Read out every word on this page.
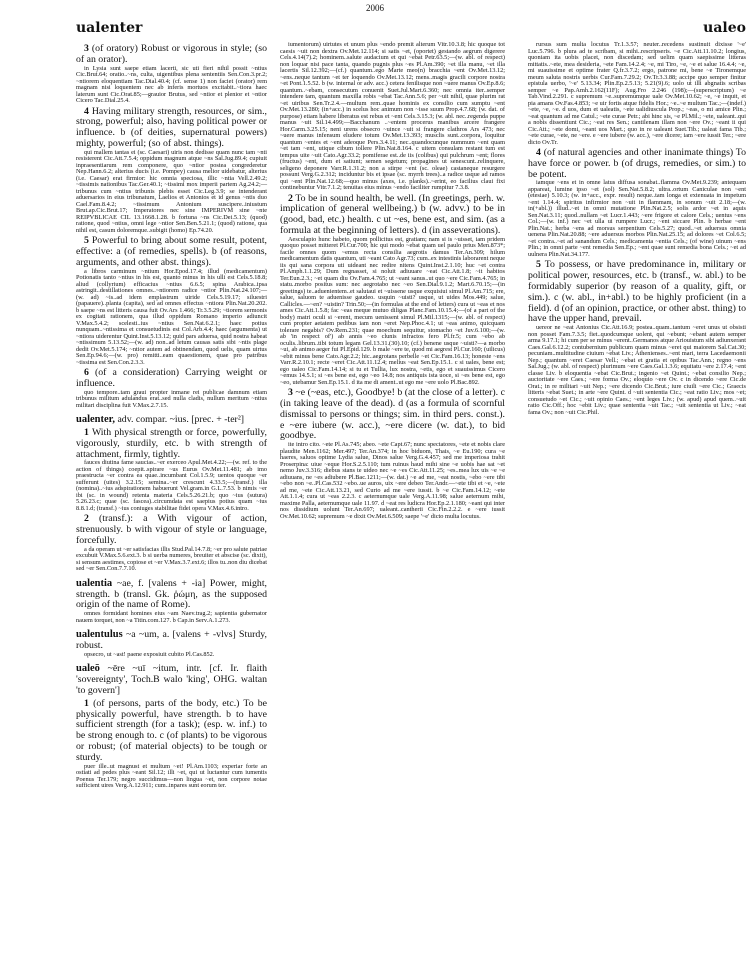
ualenter
2006
ualeo
3 (of oratory) Robust or vigorous in style; (so of an orator).
in Lysia sunt saepe etiam lacerti, sic uti fieri nihil possit ~ntius Cic.Brut.64; oratio..~ns, culta, uigentibus plena sententiis Sen.Con.3.pr.2; ~ntiorem eloquentiam Tac.Dial.40.4; (cf. sense 1) non faciet (orator) rem magnam nisi loquentem nec ab inferis mortuos excitabit..~tiora haec laterum sunt Cic.Orat.85;—grauior Brutus, sed ~ntior et plenior et ~ntior Cicero Tac.Dial.25.4.
4 Having military strength, resources, or sim., strong, powerful; also, having political power or influence. b (of deities, supernatural powers) mighty, powerful; (so of abst. things).
qui mallem tantas ei (sc. Caesari) uiris non dedisse quam nunc tam ~nti resisterent Cic.Att.7.5.4; oppidum magnum atque ~ns Sal.Jug.89.4; cupiuit inpraesentiarum rem componere, quo ~ntior postea congrederetur Nep.Hann.6.2; alterius ducis (i.e. Pompey) causa melior uidebatur, alterius (i.e. Caesar) erat firmior: hic omnia speciosa, illic ~ntia Vell.2.49.2; ~tissimis nationibus Tac.Ger.40.1; ~tissimi mox imperii partem Ag.24.2;—tribunus cum ~ntius tribunis plebis esset Cic.Leg.3.9; se intenderant aduersarios in eius tribunatum, Laelios et Antonios et id genus ~ntis duo Cael.Fam.8.4.2; ~tissimum Antonium suscipere..iniustum Brut.ap.Cic.Brut.17; Imperatores nec sine IMPERIVM sine ~nte REIPVBLICAE CIL 13.1668.1.28. b fortuna ~ns Cic.Dei.5.13; (quod) ratione, quod ~ntius, omni lege ~ntior Sen.Ben.5.21.1; (quod) ratione, qua nihil est, casum doloremque..subigit (homo) Ep.74.20.
5 Powerful to bring about some result, potent, effective: a (of remedies, spells). b (of reasons, arguments, and other abst. things).
a libros carminum ~ntium Hor.Epod.17.4; illud (medicamentum) Potionatis tanto ~ntius in his est, quanto minus in his ulli est Cels.5.18.8; aliud (collyrium) efficacius ~ntius 6.6.5; spina Arabica..ipsa astringit..destillationes omnes..~ntiorem radice ~ntior Plin.Nat.24.107;—(w. ad) ~is..ad idem emplastrum uiride Cels.5.19.17; siluestri (papauere)..planta (capita), sed ad omnes effectus ~ntiora Plin.Nat.20.202. b saepe ~ns est litteris causa fuit Ov.Ars 1.466; Tr.3.5.29; ~tiorem sermonis ex cogitati rationem, qua illud oppidum Romano imperio adiuncit V.Max.5.4.2; scelesti..ius ~ntius Sen.Nat.6.2.1; haec potius nunquam..~ntissima et consuetudinis est Col.Arb.4.4; haec (argumenta) ut ~ntiora uiderentur Quint.Inst.5.13.12; quid pars aduersa, quid nostra habeat ~ntissimum 5.13.52;—(w. ad) non..ad letum causas satis sibi ~ntis plage dedit Ov.Met.5.174; ~ntior autem ad obtinendam, quod uelis, quam uirtus Sen.Ep.94.6;—(w. pro) remitti..eam quaestionem, quae pro patribus ~tissima est Sen.Con.2.3.3.
6 (of a consideration) Carrying weight or influence.
quo tempore..tam graui propter inmane rei publicae damnum etiam tribunus militum adulandus erat..sed nulla cladis, nullum meritum ~ntius militari disciplina fuit V.Max.2.7.15.
ualenter, adv. compar. ~ius. [prec. + -ter²]
1 With physical strength or force, powerfully, vigorously, sturdily, etc. b with strength of attachment, firmly, tightly.
fauces diutina fame saucias..~er exerceo Apul.Met.4.22;—(w. ref. to the action of things) coepit..spirare ~us Eurus Ov.Met.11.481; ab imo praestructa ~er contra ea quae..incumbant Col.1.5.9; uentos quoque ~er sufferunt (uites) 3.2.15; semina..~er crescunt 4.33.5;—(transf.) illa (nomina)..~ius adspirationem habuerunt Vel.gram.in G.L.7.53. b nimis ~er ibi (sc. in wound) retenta materia Cels.5.26.21.b; quo ~ius (sutura) 5.26.23.c; quae (sc. fascea)..circumdata est saepius potius quam ~ius 8.8.1.d; (transf.) ~ius coniuges stabilitae fidei opera V.Max.4.6.intro.
2 (transf.): a With vigour of action, strenuously. b with vigour of style or language, forcefully.
a da operam ut ~er satisfacias illis Stud.Pal.14.7.8; ~er pro salute patriae excubuit V.Max.5.6.ext.3. b si uerba numeres, breuiter et abscise (sc. dixit), si sensum aestimes, copiose et ~er V.Max.3.7.ext.6; illos tu..non diu dicebat sed ~er Sen.Con.7.7.10.
ualentia ~ae, f. [valens + -ia] Power, might, strength. b (transl. Gk. ῥώμη, as the supposed origin of the name of Rome).
omnes formidant homines eius ~am Naev.trag.2; sapientia gubernator nauem torquet, non ~a Titin.com.127. b Cap.in Serv.A.1.273.
ualentulus ~a ~um, a. [valens + -vlvs] Sturdy, robust.
opsecro, ut ~ast! paene exposiuit cubito Pl.Cas.852.
ualeō ~ēre ~uī ~itum, intr. [cf. Ir. flaith 'sovereignty', Toch.B walo 'king', OHG. waltan 'to govern']
1 (of persons, parts of the body, etc.) To be physically powerful, have strength. b to have sufficient strength (for a task); (esp. w. inf.) to be strong enough to. c (of plants) to be vigorous or robust; (of material objects) to be tough or sturdy.
puer ille..ut magnust et multum ~et! Pl.Am.1103; experiar forte an ostiati ad pedes plus ~eant Sil.12; illi ~et, qui ut luctantur cum iumentis Poenus Ter.179; negro succidimus—non lingua ~et, non corpore notae sufficient uires Verg.A.12.911; cum..inpares sunt eorum ter.
iumentorum) uirtutes et unum plus ~endo premit alterum Vitr.10.3.8; hic quoque tot caesis ~uit non dextra Ov.Met.12.114; si satis ~et, (oportet) gestando aegrum digerere Cels.4.14(7).2; hominem..salute audacium et qui ~ebat Petr.63.5;—(w. abl. of respect) non loquar nisi pace tanta, quando pugnis plus ~es Pl.Am.390; ~et illa manu, ~et illa lacertis Sil.12.392;—(cf.) quantum..ego Marte meo(n) bracchia ~ent Ov.Met.13.12; ~ens..neque tantum ~et ter loquendo Ov.Met.13.12; mens..magis gracili corpore nostra ~et Pont.1.5.52. b (w. internal or adv. acc.) cetera fenilisque non ~uere manus Ov.Ep.8.6; quantum..~ebam, consecutum conuenit Suet.Jul.Mart.6.360; nec omnia iter..semper intendere tam, quantum maxilla robis ~ebat Tac.Ann.5.6; per ~uit nihil, quae plurim rat ~et uiribus Sen.Tr.2.4.—multum rem..quae hominis ex consilio cum sumptu ~ent Ov.Met.13.280; (in+acc.) in scelus hoc animum non ~isse suum Prop.4.7.68; (w. dat. of purpose) etiam habere liberatus est rebus et ~ent Cels.3.15.3; (w. abl. nec..regenda puppe manus ~uit Sil.14.499;—Bacchanum ..~entem procerus manibus arcere frangere Hor.Carm.3.25.15; neni urens obsecro ~uince ~uit si frangere clathros Ars 473; nec ~uere manus infensum eludere totum Ov.Met.13.393; musclis sunt..corpora, loquitur quantum ~entes et ~ent adeoque Pers.3.4.11; nec..quandocunque nummum ~ent quam ~et tam ~ent, utique cibum tollere Plin.Nat.8.164. c uitem consulam restant tum est tempus uite ~uit Cato.Agr.33.2; pomiferae est..de iis (colibus) qui pulchrum ~ent; flores (fructus) ~ent, dum et satiunt; semen segetum; propagines ut senescunt..relinquere, seligeno deponere Varr.R.1.31.2; non a stirpe ~ent (sc. oleae) castaneque resurgere possunt Verg.G.2.312; inciduntur bis et ipsae (sc. myrrh trees)..a radice usque ad ramos qui ~ent Plin.Nat.12.68;—quo minus (axes, i.e. planks)..~erint, eo facilius claui fixi continebuntur Vitr.7.1.2; tenuitas eius minus ~endo faciliter rumpitur 7.3.8.
2 To be in sound health, be well. (In greetings, perh. w. implication of general wellbeing.) b (w. advv.) to be in (good, bad, etc.) health. c ut ~es, bene est, and sim. (as a formula at the beginning of letters). d (in asseverations).
Aesculapio hunc habeto, quom pollicitus est, gratiam; nam si is ~uisset, iam pridem quoquo posset mitteret Pl.Cur.700; hic qui modo ~ebat quam uel paulo prius Men.873*; facile omnes quom ~emus recta consilia aegrotis damus Ter.An.309; hilum medicamentum datis quantum, uti ~eant Cato Agr.73; cum..ex intestinis laborarent neque iis qui sana corpora uti uideant nec redire nitens Quint.Inst.2.1.10; huc ~et contra Pl.Amph.1.1.29; Dum regnasset, si noluit adiuuare ~eat Cic.Att.1.8; ~it habitos Ter.Eun.2.3.; ~et quam diu Ov.Fam.4.765; ut ~eant sanus..ut quo ~ere Cic.Fam.4.765; in statu..morbo positus sum: nec aegrotabo nec ~eo Sen.Dial.9.1.2; Mart.6.70.15;—(in greetings) te..aduenientem..et salutaui et ~uissene usque exquisiui simul Pl.Am.715; ere, salue, saluom te aduenisse gaudeo. usquin ~uisti? usque, ut uides Mos.449; salue, Callicles.—~en? ~uistin? Trin.50;—(in formulas at the end of letters) cura ut ~eas et nos ames Cic.Att.1.5.8; fac ~eas meque mutuo diligas Planc.Fam.10.15.4;—(of a part of the body) matri oculi si ~erent, mecum uenissent simul Pl.Mil.1315;—(w. abl. of respect) cum propter aetatem pedibus iam non ~eret Nep.Phoc.4.1; ut ~eas animo, quicquam tolerare negabis? Ov.Rem.231; quae moechum sequitur, stomacho ~et Juv.6.100;—(w. ab 'in respect of') ab annis ~eo clunis infractos fero Pl.fr.5; cum ~ebo ab oculis..librum..tibi totum legam Gel.13.31.(30).10; (cf.) benene usque ~uisti?—a morbo ~ui, ab animo aeger fui Pl.Epid.129. b male ~ere te, quod mi aegrest Pl.Cur.160; (uilicus) ~ebit minus bene Cato.Agr.2.2; hic..aegrotans perbelle ~et Cic.Fam.16.13; honeste ~ens Varr.R.2.10.1; recte ~eret Cic.Att.11.12.4; melius ~eat Sen.Ep.15.1. c si uales, bene est; ego ualeo Cic.Fam.14.14; si tu et Tullia, lux nostra, ~etis, ego et suauissimus Cicero ~emus 14.5.1; si ~es bene est, ego ~eo 14.8; nos antiquis ista uoce, si ~es bene est, ego ~eo, utebamur Sen.Ep.15.1. d ita me di ament..ut ego me ~ere uolo Pl.Bac.892.
3 ~e (~eas, etc.), Goodbye! b (at the close of a letter). c (in taking leave of the dead). d (as a formula of scornful dismissal to persons or things; sim. in third pers. const.). e ~ere iubere (w. acc.), ~ere dicere (w. dat.), to bid goodbye.
ite intro cito. ~ete Pl.As.745; abeo. ~ete Capt.67; nunc spectatores, ~ete et nobis clare plaudite Men.1162; Mer.497; Ter.An.374; in hoc biduom, Thais, ~e Eu.190; cura ~e haeres, saluos optime Lydia salue, Dinos salue Verg.G.4.457; sed me imperiosa trahit Proserpina: uiue ~eque Hor.S.2.5.110; tum ruinus haud mihi sine ~e uobis hae sat ~et nemo Juv.3.316; diebus stans te uideo nec ~e ~es Cic.Att.11.25; ~es..mea lux uis ~e ~e adiuuans, ne ~es adiubere Pl.Bac.1211;—(w. dat.) ~e ad me, ~eat nostis, ~ebo ~ere tibi ~ebo non ~e..Pl.Cas.532 ~ebo..ue auros, uix ~ere debeo Ter.Andr.—~ete tibi et ~e, ~ete ad me, ~ete Cic.Att.13.21, sed Curio ad me ~ere iussit. b ~e Cic.Fam.14.12; ~ete Att.1.1.4; cura ut ~eas 2.2.3. c aeternumque uale Verg.A.11.98; salue aeternum mihi, maxime Palla, aeternumque uale 11.97. d ~eat res ludicra Hor.Ep.2.1.180; ~eant qui inter nos dissidium uolunt Ter.An.697; ualeant..cantherii Cic.Fin.2.2.2. e ~ere iussit Ov.Met.10.62; supremum ~e dixit Ov.Met.6.509; saepe '~e' dicto multa locutus.
rursus sum multa locutus Tr.1.3.57; neuter..recedens sustinuit dixisse '~e' Luc.5.796. b plura ad te scribam, si mihi..rescripseris. ~e Cic.Att.11.10.2; longius, quoniam ita uobis placet, non discedam; sed uelim quam saepissime litteras mittatis..~ete, mea desideria, ~ete Fam.14.2.4; ~e, mi Tiro, ~e, ~e et salue 16.4.4; ~e, mi suauissime et optime frater Q.fr.3.7.2; ergo, patrone mi, bene ~e Tironemque meum saluta nostris uerbis Cur.Fam.7.29.2; Ov.Tr.3.3.88; accipe quo semper finitur epistula uerbo, '~e' 5.13.34; Plin.Ep.2.5.13; 5.21(9).6; uolo ut illi abgnatis scribas semper ~e Pap.Amh.2.162(11F); Aug.Fro 2.246 (198);—(superscriptum) ~e Tab.Vind.2.291. c supremum ~e..supremumque uale Ov.Met.10.62; ~e, ~e inquit, et pia amans Ov.Fas.4.853; ~e uir fortis atque fidelis Hor.; ~e..~e multum Tac.;—(indef.) ~ete, ~e, ~e. d uos, dum et ualeatis, ~ete ualidiuscula Prop.; ~eas, o mi amice Plin.; ~eat quantum ad me Catul.; ~ete curae Petr.; abi hinc sis, ~e Pl.Mil.; ~ete, ualeant..qui a nobis dissentiunt Cic.; ~eat res Sen.; cantilenam illam non ~ere Ov.; ~eant ii qui Cic.Att.; ~ete domi, ~eant uos Mart.; quo in re ualeant Suet.Tib.; ualeat fama Tib.; ~ete curae, ~ete, ne ~ere. e ~ere iubere (w. acc.), ~ere dicere; iam ~ere iussit Ter.; ~ere dicto Ov.Tr.
4 (of natural agencies and other inanimate things) To have force or power. b (of drugs, remedies, or sim.) to be potent.
iamque ~ens et in omne latus diffusa sonabat..flamma Ov.Met.9.239; antequam appareat, lumine ipso ~et (sol) Sen.Nat.5.8.2; ultra..ortum Caniculae non ~ent (etesiae) 5.10.3; (w. in+acc., expr. result) neque..tam longa et extenuata in impetum ~ent 1.14.4; spiritus infirmior non ~uit in flammam, in sonum ~uit 2.18;—(w. in(+abl.)) illud..~et in omni mutatione Plin.Nat.2.5; solis ardor ~et in aquis Sen.Nat.3.11; quod..nullam ~et Lucr.1.443; ~ere frigore et calore Cels.; uentus ~ens Col.;—(w. inf.) nec ~et ulla ui rumpere Lucr.; ~ent siccare Plin. b herbae ~ent Plin.Nat.; herba ~ens ad morsus serpentium Cels.5.27; quod..~et aduersus omnia uenena Plin.Nat.20.88; ~ere aduersus morbos Plin.Nat.25.15; ad dolores ~et Col.6.5; ~et contra..~et ad sanandum Cels.; medicamenta ~entia Cels.; (of wine) uinum ~ens Plin.; in omni parte ~ent remedia Sen.Ep.; ~ent quae sunt remedia bona Cels.; ~et ad uulnera Plin.Nat.34.177.
5 To possess, or have predominance in, military or political power, resources, etc. b (transf., w. abl.) to be formidably superior (by reason of a quality, gift, or sim.). c (w. abl., in+abl.) to be highly proficient (in a field). d (of an opinion, practice, or other abst. thing) to have the upper hand, prevail.
uereor ne ~eat Antonius Cic.Att.16.9; postea..quam..tantum ~eret unus ut obsisti non posset Fam.7.3.5; fiet..quodcumque uolent, qui ~ebunt; ~ebant autem semper arma 9.17.1; hi cum per se minus ~erent..Germanos atque Ariouistum sibi adiunxerant Caes.Gal.6.12.2; contubernium publicum quam minus ~eret qui maiorem Sal.Cat.30; pecuniam..multitudine ciuium ~ebat Liv.; Athenienses..~ent mari, terra Lacedaemonii Nep.; quantum ~eret Caesar Vell.; ~ebat et gratia et opibus Tac.Ann.; regno ~ens Sal.Jug.; (w. abl. of respect) plurimum ~ere Caes.Gal.1.3.6; equitatu ~ere 2.17.4; ~ent classe Liv. b eloquentia ~ebat Cic.Brut.; ingenio ~et Quint.; ~ebat consilio Nep.; auctoritate ~ere Caes.; ~ere forma Ov.; eloquio ~ere Ov. c in dicendo ~ere Cic.de Orat.; in re militari ~uit Nep.; ~ere dicendo Cic.Brut.; iure ciuili ~ere Cic.; Graecis litteris ~ebat Suet.; in arte ~ere Quint. d ~uit sententia Cic.; ~eat ratio Liv.; mos ~et; consuetudo ~et Cic.; ~uit opinio Caes.; ~ent leges Liv.; (w. apud) apud quem..~uit ratio Cic.Off.; hoc ~ebit Liv.; quae sententia ~uit Tac.; ~uit sententia ut Liv.; ~eat fama Ov.; non ~uit Cic.Phil.
